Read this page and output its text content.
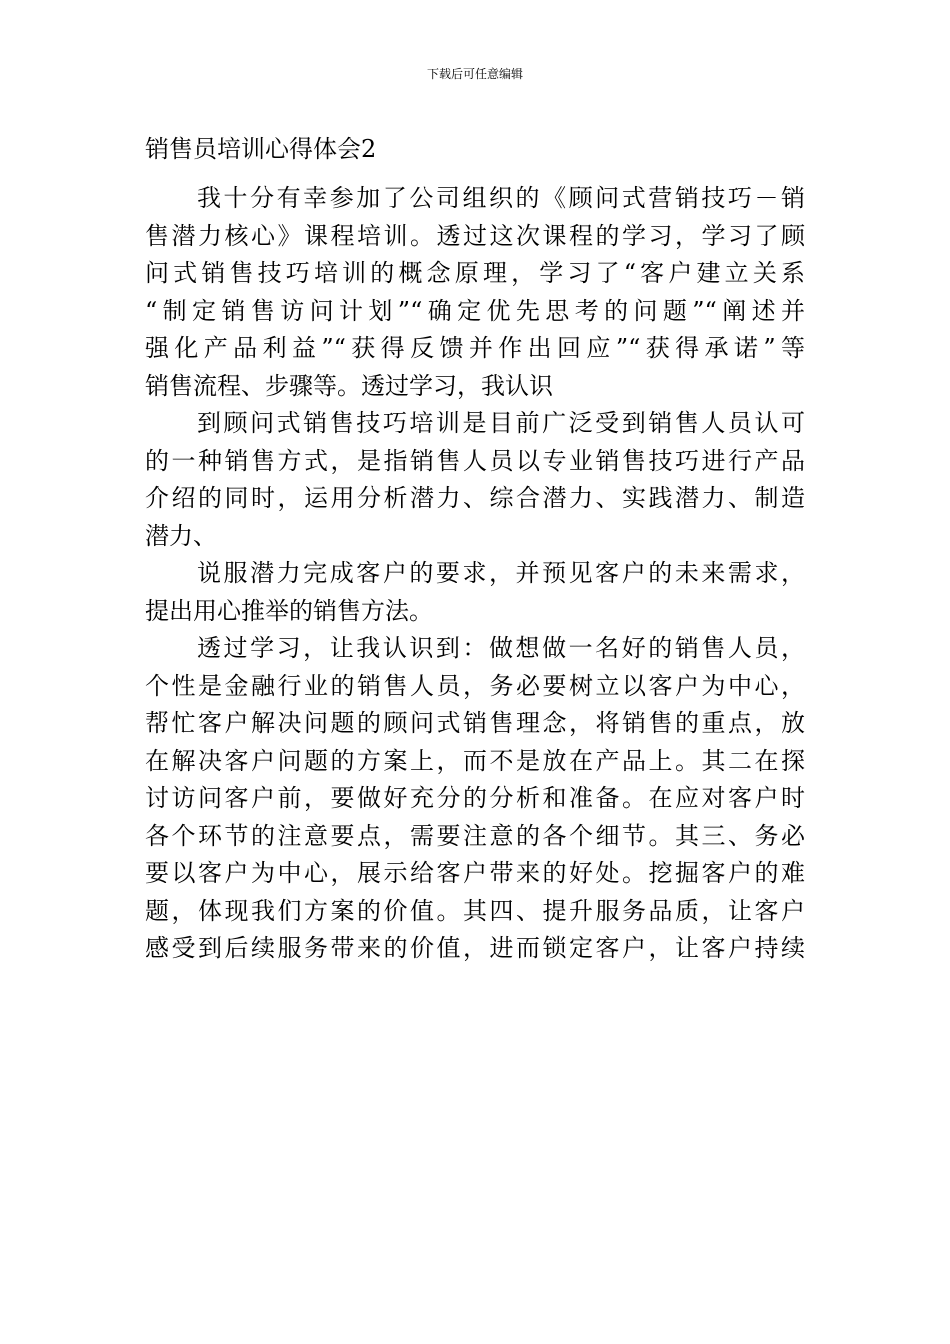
下载后可任意编辑
销售员培训心得体会2
我十分有幸参加了公司组织的《顾问式营销技巧－销
售潜力核心》课程培训。透过这次课程的学习，学习了顾
问式销售技巧培训的概念原理，学习了“客户建立关系
“制定销售访问计划”“确定优先思考的问题”“阐述并
强化产品利益”“获得反馈并作出回应”“获得承诺”等
销售流程、步骤等。透过学习，我认识
到顾问式销售技巧培训是目前广泛受到销售人员认可
的一种销售方式，是指销售人员以专业销售技巧进行产品
介绍的同时，运用分析潜力、综合潜力、实践潜力、制造
潜力、
说服潜力完成客户的要求，并预见客户的未来需求，
提出用心推举的销售方法。
透过学习，让我认识到：做想做一名好的销售人员，
个性是金融行业的销售人员，务必要树立以客户为中心，
帮忙客户解决问题的顾问式销售理念，将销售的重点，放
在解决客户问题的方案上，而不是放在产品上。其二在探
讨访问客户前，要做好充分的分析和准备。在应对客户时
各个环节的注意要点，需要注意的各个细节。其三、务必
要以客户为中心，展示给客户带来的好处。挖掘客户的难
题，体现我们方案的价值。其四、提升服务品质，让客户
感受到后续服务带来的价值，进而锁定客户，让客户持续
